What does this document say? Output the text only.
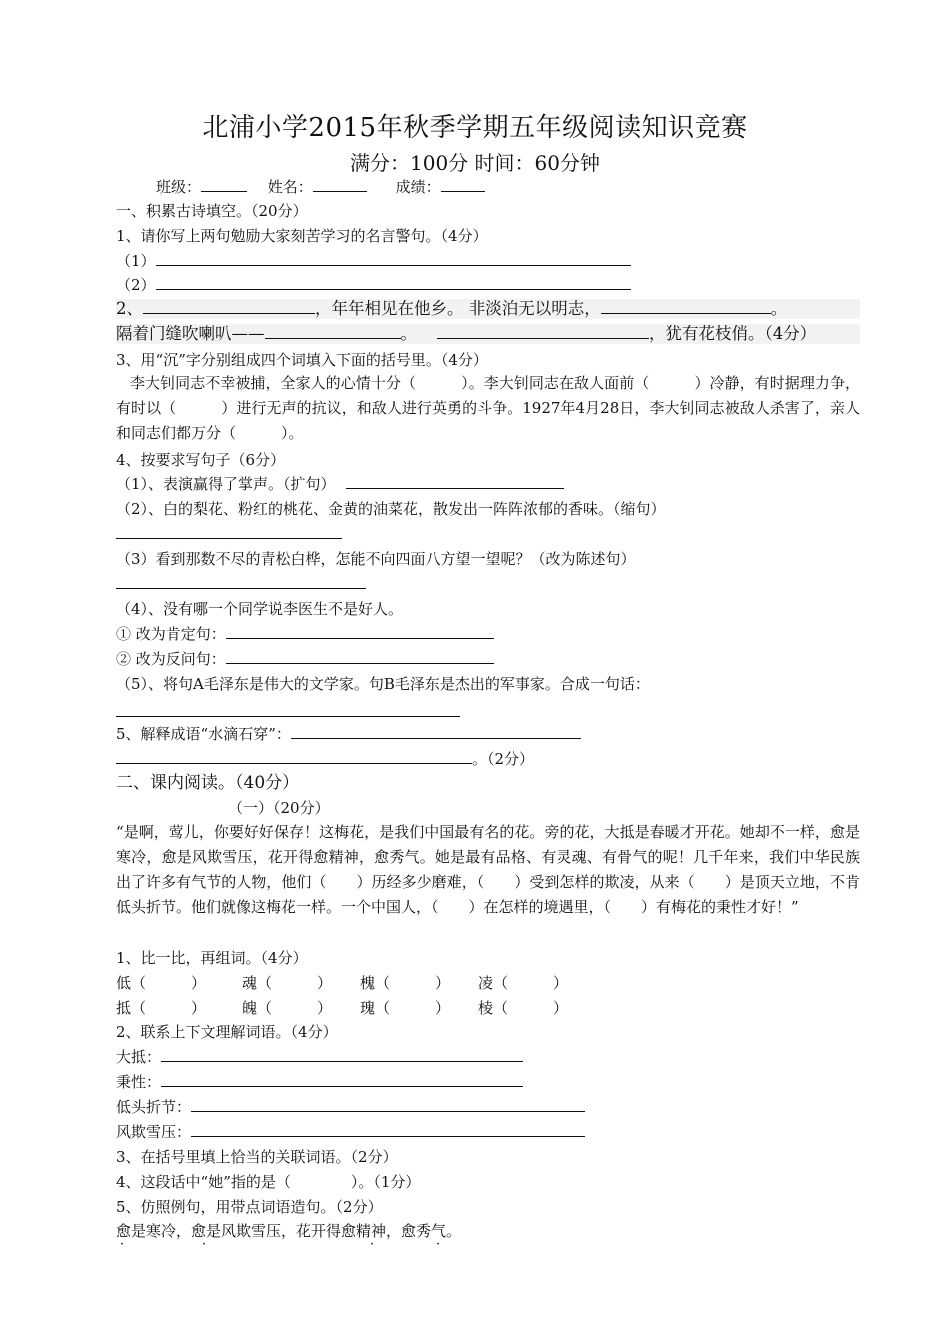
北浦小学2015年秋季学期五年级阅读知识竞赛
满分：100分 时间：60分钟
班级：	姓名：	成绩：
一、积累古诗填空。（20分）
1、请你写上两句勉励大家刻苦学习的名言警句。（4分）
（1）
（2）
2、	，年年相见在他乡。 非淡泊无以明志，	。
隔着门缝吹喇叭——	。	，犹有花枝俏。（4分）
3、用“沉”字分别组成四个词填入下面的括号里。（4分）
李大钊同志不幸被捕，全家人的心情十分（　　　）。李大钊同志在敌人面前（　　　）冷静，有时据理力争，有时以（　　　）进行无声的抗议，和敌人进行英勇的斗争。1927年4月28日，李大钊同志被敌人杀害了，亲人和同志们都万分（　　　）。
4、按要求写句子（6分）
（1）、表演赢得了掌声。（扩句）
（2）、白的梨花、粉红的桃花、金黄的油菜花，散发出一阵阵浓郁的香味。（缩句）
（3）看到那数不尽的青松白桦，怎能不向四面八方望一望呢？（改为陈述句）
（4）、没有哪一个同学说李医生不是好人。
① 改为肯定句：
② 改为反问句：
（5）、将句A毛泽东是伟大的文学家。句B毛泽东是杰出的军事家。合成一句话：
5、解释成语“水滴石穿”：
。（2分）
二、课内阅读。（40分）
（一）（20分）
“是啊，莺儿，你要好好保存！这梅花，是我们中国最有名的花。旁的花，大抵是春暖才开花。她却不一样，愈是寒冷，愈是风欺雪压，花开得愈精神，愈秀气。她是最有品格、有灵魂、有骨气的呢！几千年来，我们中华民族出了许多有气节的人物，他们（　　）历经多少磨难，（　　）受到怎样的欺凌，从来（　　）是顶天立地，不肯低头折节。他们就像这梅花一样。一个中国人，（　　）在怎样的境遇里，（　　）有梅花的秉性才好！”
1、比一比，再组词。（4分）
低（　　　） 魂（　　　） 槐（　　　） 凌（　　　）
抵（　　　） 魄（　　　） 瑰（　　　） 棱（　　　）
2、联系上下文理解词语。（4分）
大抵：
秉性：
低头折节：
风欺雪压：
3、在括号里填上恰当的关联词语。（2分）
4、这段话中“她”指的是（　　　　）。（1分）
5、仿照例句，用带点词语造句。（2分）
愈是寒冷，愈是风欺雪压，花开得愈精神，愈秀气。
·	·	·	·
